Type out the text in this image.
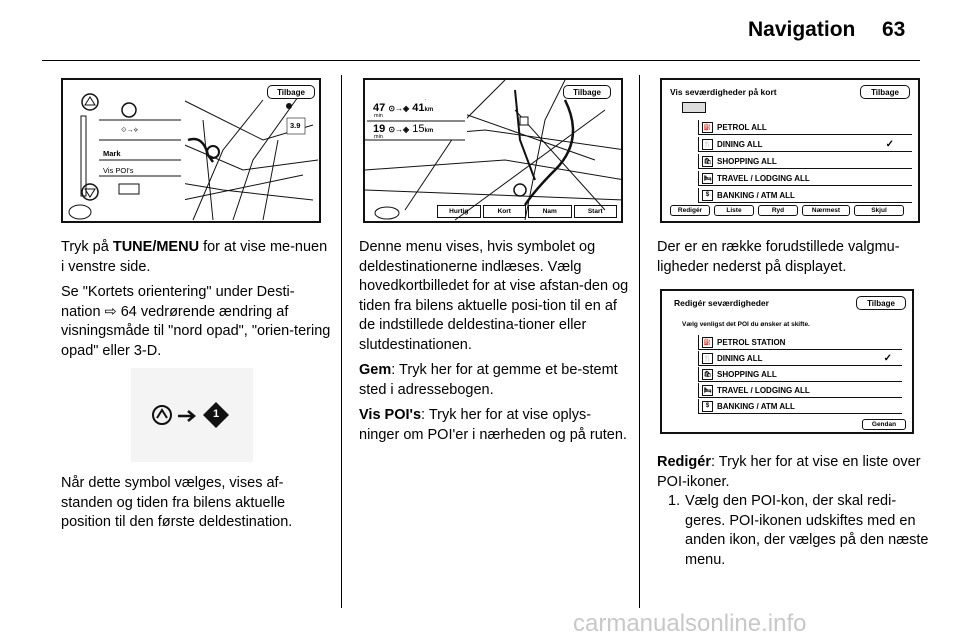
Navigation 63
⟐→⟡
Tilbage
Mark
Vis POI's
3.9

Tryk på TUNE/MENU for at vise me-nuen i venstre side.

Se "Kortets orientering" under Desti-nation ⇨ 64 vedrørende ændring af visningsmåde til "nord opad", "orien-tering opad" eller 3-D.

1

Når dette symbol vælges, vises af-standen og tiden fra bilens aktuelle position til den første deldestination.

Tilbage
47 ⊙→◈ 41km
min
19 ⊙→◈ 15km
min
Hurtig	Kort	Nam	Start

Denne menu vises, hvis symbolet og deldestinationerne indlæses. Vælg hovedkortbilledet for at vise afstan-den og tiden fra bilens aktuelle posi-tion til en af de indstillede deldestina-tioner eller slutdestinationen.

Gem: Tryk her for at gemme et be-stemt sted i adressebogen.

Vis POI's: Tryk her for at vise oplys-ninger om POI'er i nærheden og på ruten.

Vis seværdigheder på kort	Tilbage
⛽ PETROL ALL
🍴 DINING ALL	✓
🛍 SHOPPING ALL
🛏 TRAVEL / LODGING ALL
$ BANKING / ATM ALL
Redigér	Liste	Ryd	Nærmest	Skjul

Der er en række forudstillede valgmu-ligheder nederst på displayet.

Redigér seværdigheder	Tilbage
Vælg venligst det POI du ønsker at skifte.
⛽ PETROL STATION
🍴 DINING ALL	✓
🛍 SHOPPING ALL
🛏 TRAVEL / LODGING ALL
$ BANKING / ATM ALL
Gendan

Redigér: Tryk her for at vise en liste over POI-ikoner.

1. Vælg den POI-kon, der skal redi-geres. POI-ikonen udskiftes med en anden ikon, der vælges på den næste menu.
carmanualsonline.info
